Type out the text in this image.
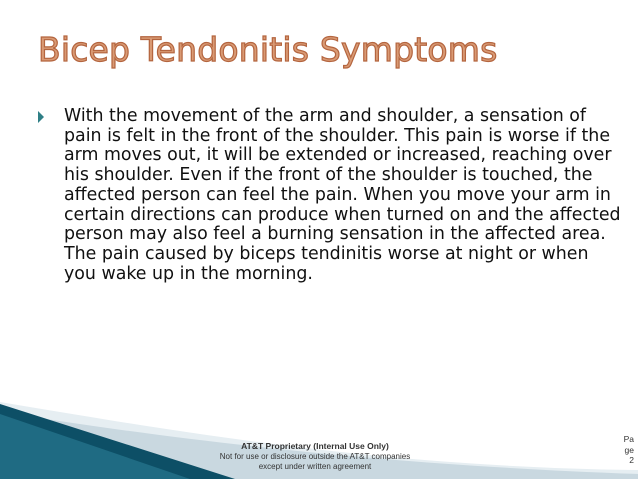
Bicep Tendonitis Symptoms

With the movement of the arm and shoulder, a sensation of pain is felt in the front of the shoulder. This pain is worse if the arm moves out, it will be extended or increased, reaching over his shoulder. Even if the front of the shoulder is touched, the affected person can feel the pain. When you move your arm in certain directions can produce when turned on and the affected person may also feel a burning sensation in the affected area. The pain caused by biceps tendinitis worse at night or when you wake up in the morning.

AT&T Proprietary (Internal Use Only)
Not for use or disclosure outside the AT&T companies
except under written agreement
Pa
ge
2
